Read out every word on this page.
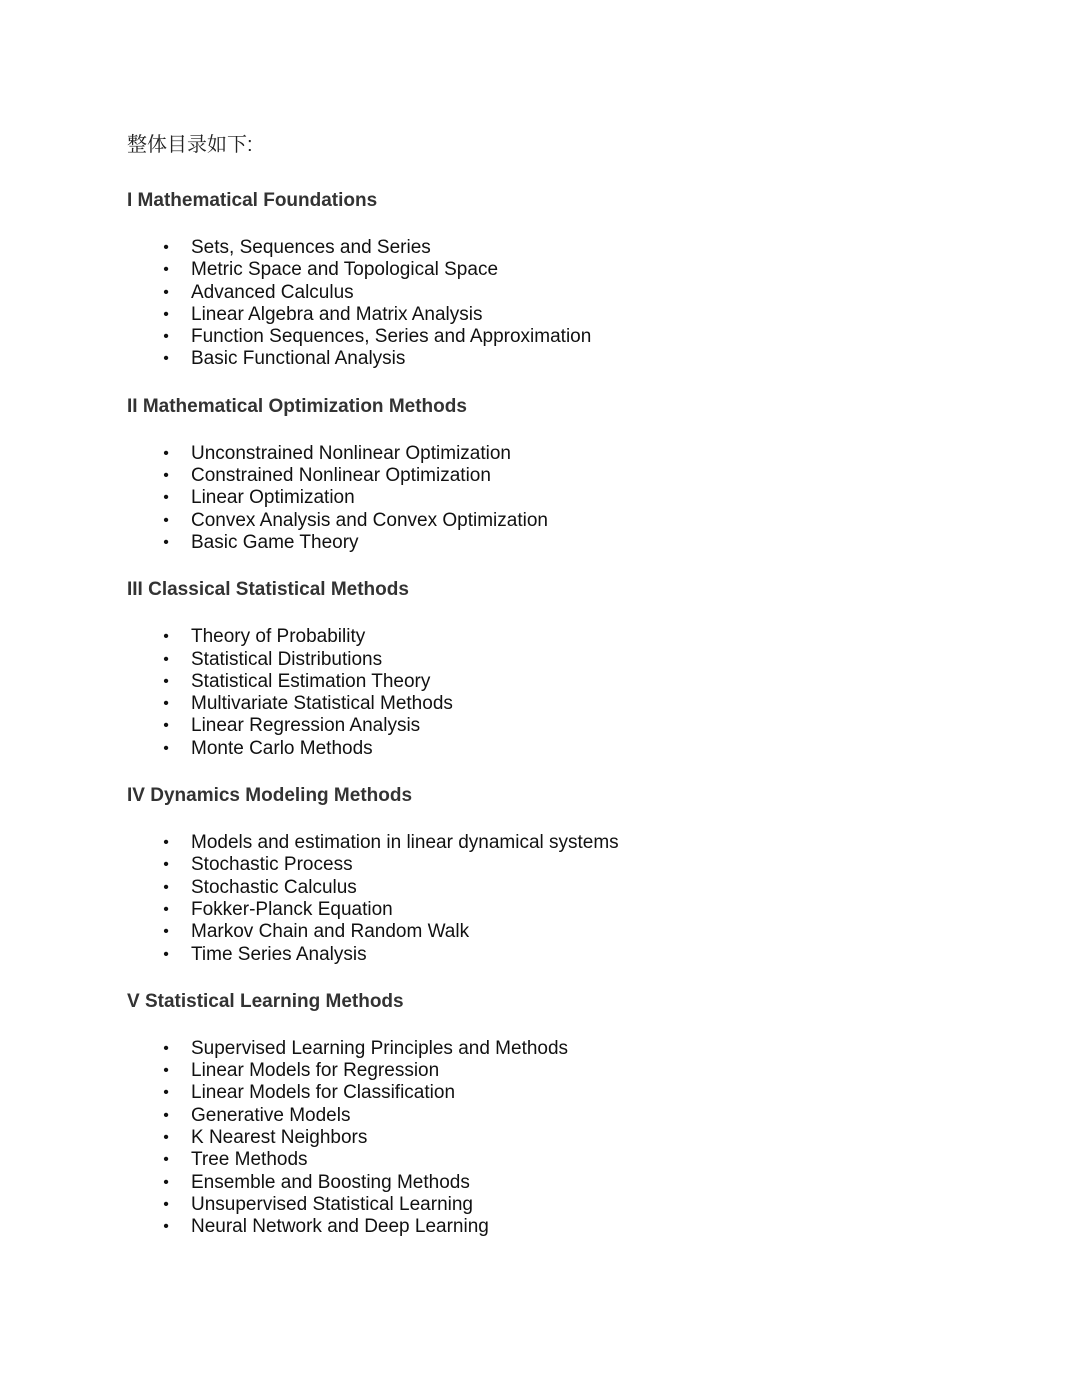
整体目录如下:
I Mathematical Foundations
• Sets, Sequences and Series
• Metric Space and Topological Space
• Advanced Calculus
• Linear Algebra and Matrix Analysis
• Function Sequences, Series and Approximation
• Basic Functional Analysis
II Mathematical Optimization Methods
• Unconstrained Nonlinear Optimization
• Constrained Nonlinear Optimization
• Linear Optimization
• Convex Analysis and Convex Optimization
• Basic Game Theory
III Classical Statistical Methods
• Theory of Probability
• Statistical Distributions
• Statistical Estimation Theory
• Multivariate Statistical Methods
• Linear Regression Analysis
• Monte Carlo Methods
IV Dynamics Modeling Methods
• Models and estimation in linear dynamical systems
• Stochastic Process
• Stochastic Calculus
• Fokker-Planck Equation
• Markov Chain and Random Walk
• Time Series Analysis
V Statistical Learning Methods
• Supervised Learning Principles and Methods
• Linear Models for Regression
• Linear Models for Classification
• Generative Models
• K Nearest Neighbors
• Tree Methods
• Ensemble and Boosting Methods
• Unsupervised Statistical Learning
• Neural Network and Deep Learning
